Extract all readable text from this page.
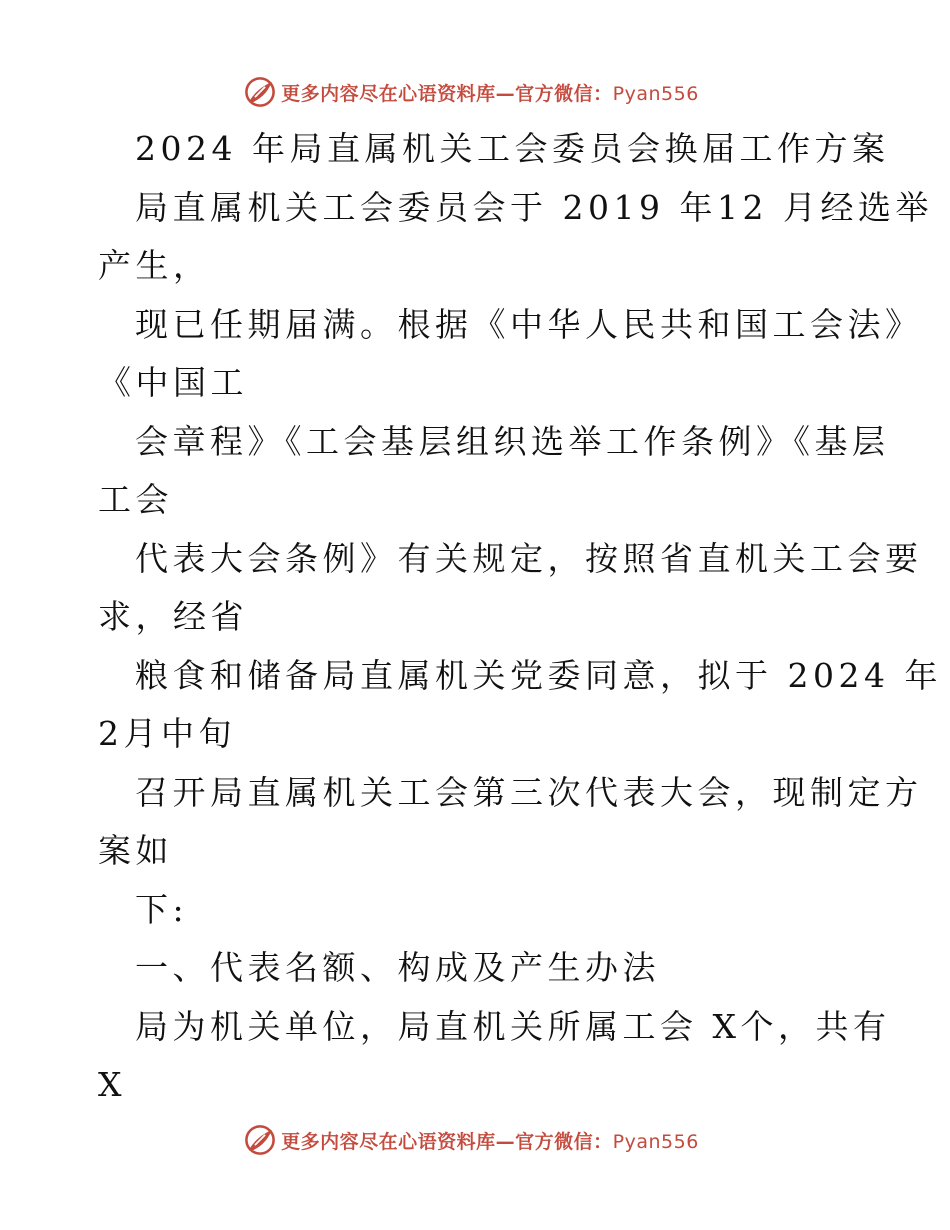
更多内容尽在心语资料库—官方微信：Pyan556
2024 年局直属机关工会委员会换届工作方案
局直属机关工会委员会于 2019 年12 月经选举
产生，
现已任期届满。根据《中华人民共和国工会法》
《中国工
会章程》《工会基层组织选举工作条例》《基层
工会
代表大会条例》有关规定，按照省直机关工会要
求，经省
粮食和储备局直属机关党委同意，拟于 2024 年
2月中旬
召开局直属机关工会第三次代表大会，现制定方
案如
下:
一、代表名额、构成及产生办法
局为机关单位，局直机关所属工会 X个，共有
X
更多内容尽在心语资料库—官方微信：Pyan556
